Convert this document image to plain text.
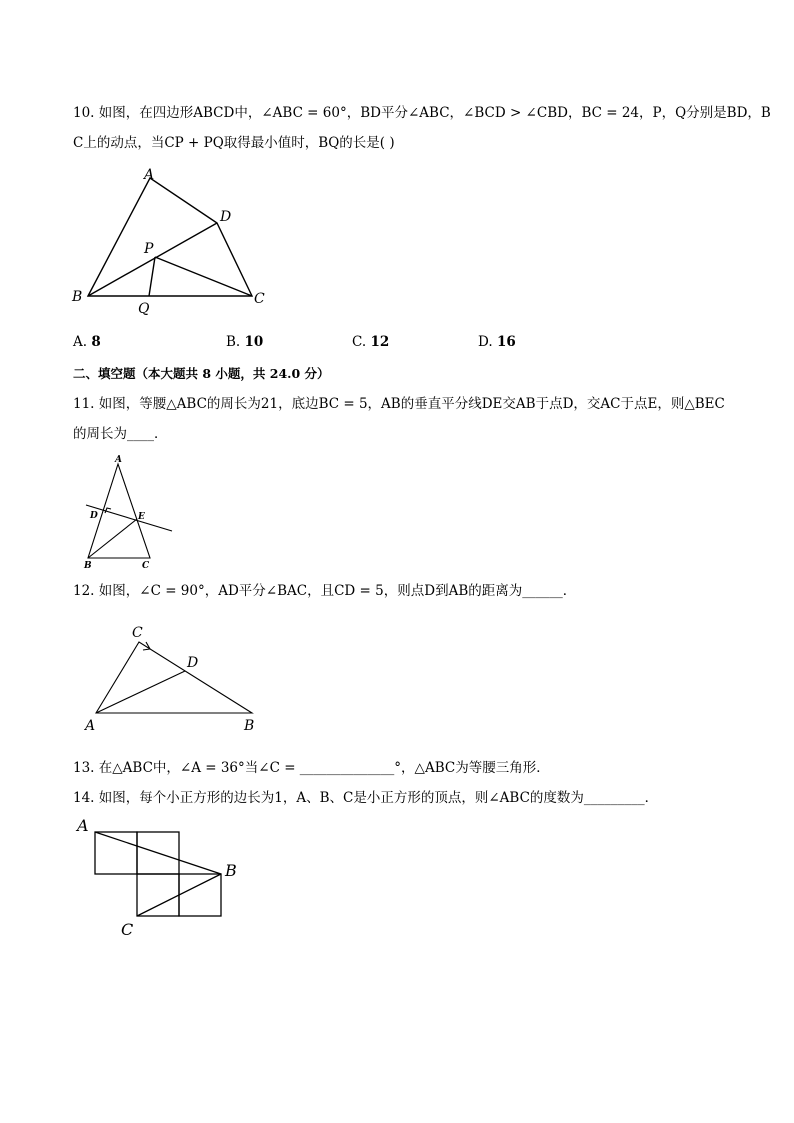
10. 如图，在四边形ABCD中，∠ABC = 60°，BD平分∠ABC，∠BCD > ∠CBD，BC = 24，P，Q分别是BD，B
C上的动点，当CP + PQ取得最小值时，BQ的长是( )
A
D
P
B	C
Q
A. 8	B. 10	C. 12	D. 16
二、填空题（本大题共 8 小题，共 24.0 分）
11. 如图，等腰△ABC的周长为21，底边BC = 5，AB的垂直平分线DE交AB于点D，交AC于点E，则△BEC
的周长为____．
A
D	E
B	C
12. 如图，∠C = 90°，AD平分∠BAC，且CD = 5，则点D到AB的距离为______．
C
D
A	B
13. 在△ABC中，∠A = 36°当∠C = ______________°，△ABC为等腰三角形．
14. 如图，每个小正方形的边长为1，A、B、C是小正方形的顶点，则∠ABC的度数为_________．
A
B
C
